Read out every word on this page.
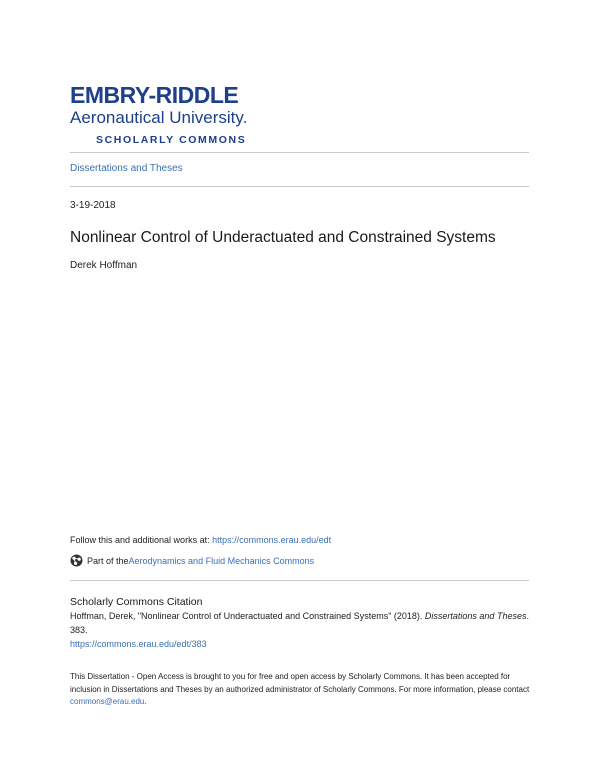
EMBRY-RIDDLE
Aeronautical University.
SCHOLARLY COMMONS
Dissertations and Theses
3-19-2018
Nonlinear Control of Underactuated and Constrained Systems
Derek Hoffman
Follow this and additional works at: https://commons.erau.edu/edt
Part of the Aerodynamics and Fluid Mechanics Commons
Scholarly Commons Citation
Hoffman, Derek, "Nonlinear Control of Underactuated and Constrained Systems" (2018). Dissertations and Theses. 383.
https://commons.erau.edu/edt/383
This Dissertation - Open Access is brought to you for free and open access by Scholarly Commons. It has been accepted for inclusion in Dissertations and Theses by an authorized administrator of Scholarly Commons. For more information, please contact commons@erau.edu.
